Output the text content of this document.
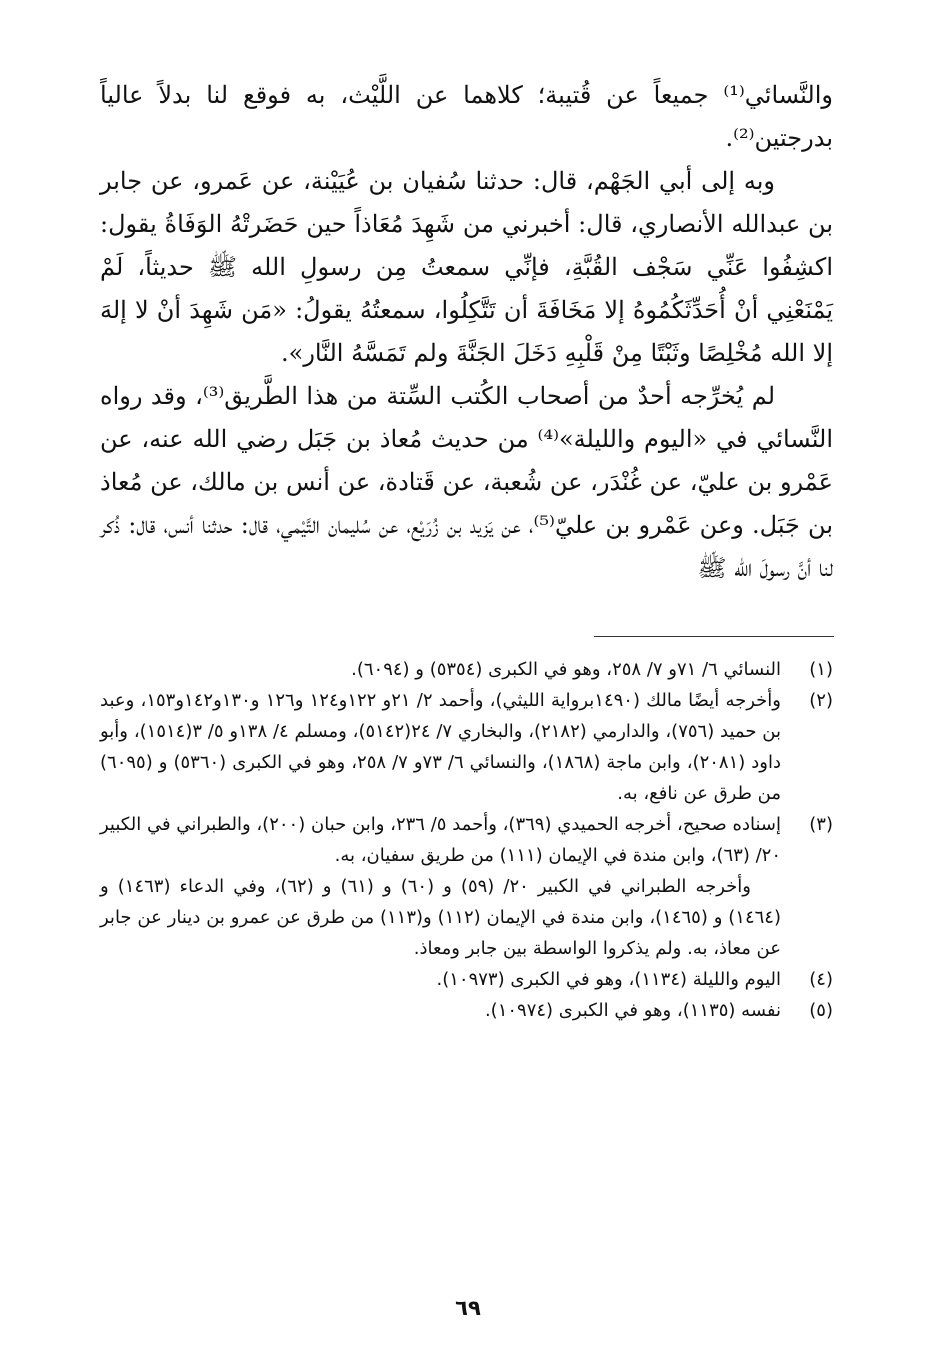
والنَّسائي⁽¹⁾ جميعاً عن قُتيبة؛ كلاهما عن اللَّيْث، به فوقع لنا بدلاً عالياً بدرجتين⁽²⁾.

وبه إلى أبي الجَهْم، قال: حدثنا سُفيان بن عُيَيْنة، عن عَمرو، عن جابر بن عبدالله الأنصاري، قال: أخبرني من شَهِدَ مُعَاذاً حين حَضَرتْهُ الوَفَاةُ يقول: اكشِفُوا عَنِّي سَجْف القُبَّةِ، فإنِّي سمعتُ مِن رسولِ الله ﷺ حديثاً، لَمْ يَمْنَعْنِي أنْ أُحَدِّثَكُمُوهُ إلا مَخَافَةَ أن تَتَّكِلُوا، سمعتُهُ يقولُ: «مَن شَهِدَ أنْ لا إلهَ إلا الله مُخْلِصًا وثَبْتًا مِنْ قَلْبِهِ دَخَلَ الجَنَّةَ ولم تَمَسَّهُ النَّار».

لم يُخرِّجه أحدٌ من أصحاب الكُتب السِّتة من هذا الطَّريق⁽³⁾، وقد رواه النَّسائي في «اليوم والليلة»⁽⁴⁾ من حديث مُعاذ بن جَبَل رضي الله عنه، عن عَمْرو بن عليّ، عن غُنْدَر، عن شُعبة، عن قَتادة، عن أنس بن مالك، عن مُعاذ بن جَبَل. وعن عَمْرو بن عليّ⁽⁵⁾، عن يَزيد بن زُرَيْع، عن سُليمان التَّيْمي، قال: حدثنا أنس، قال: ذُكر لنا أنَّ رسولَ الله ﷺ

(١)

النسائي ٦/ ٧١و ٧/ ٢٥٨، وهو في الكبرى (٥٣٥٤) و (٦٠٩٤).

(٢)

وأخرجه أيضًا مالك (١٤٩٠برواية الليثي)، وأحمد ٢/ ٢١و ١٢٢و١٢٤ و١٢٦ و١٣٠و١٤٢و١٥٣، وعبد بن حميد (٧٥٦)، والدارمي (٢١٨٢)، والبخاري ٧/ ٢٤(٥١٤٢)، ومسلم ٤/ ١٣٨و ٥/ ٣(١٥١٤)، وأبو داود (٢٠٨١)، وابن ماجة (١٨٦٨)، والنسائي ٦/ ٧٣و ٧/ ٢٥٨، وهو في الكبرى (٥٣٦٠) و (٦٠٩٥) من طرق عن نافع، به.

(٣)

إسناده صحيح، أخرجه الحميدي (٣٦٩)، وأحمد ٥/ ٢٣٦، وابن حبان (٢٠٠)، والطبراني في الكبير ٢٠/ (٦٣)، وابن مندة في الإيمان (١١١) من طريق سفيان، به.

وأخرجه الطبراني في الكبير ٢٠/ (٥٩) و (٦٠) و (٦١) و (٦٢)، وفي الدعاء (١٤٦٣) و (١٤٦٤) و (١٤٦٥)، وابن مندة في الإيمان (١١٢) و(١١٣) من طرق عن عمرو بن دينار عن جابر عن معاذ، به. ولم يذكروا الواسطة بين جابر ومعاذ.

(٤)

اليوم والليلة (١١٣٤)، وهو في الكبرى (١٠٩٧٣).

(٥)

نفسه (١١٣٥)، وهو في الكبرى (١٠٩٧٤).

٦٩
